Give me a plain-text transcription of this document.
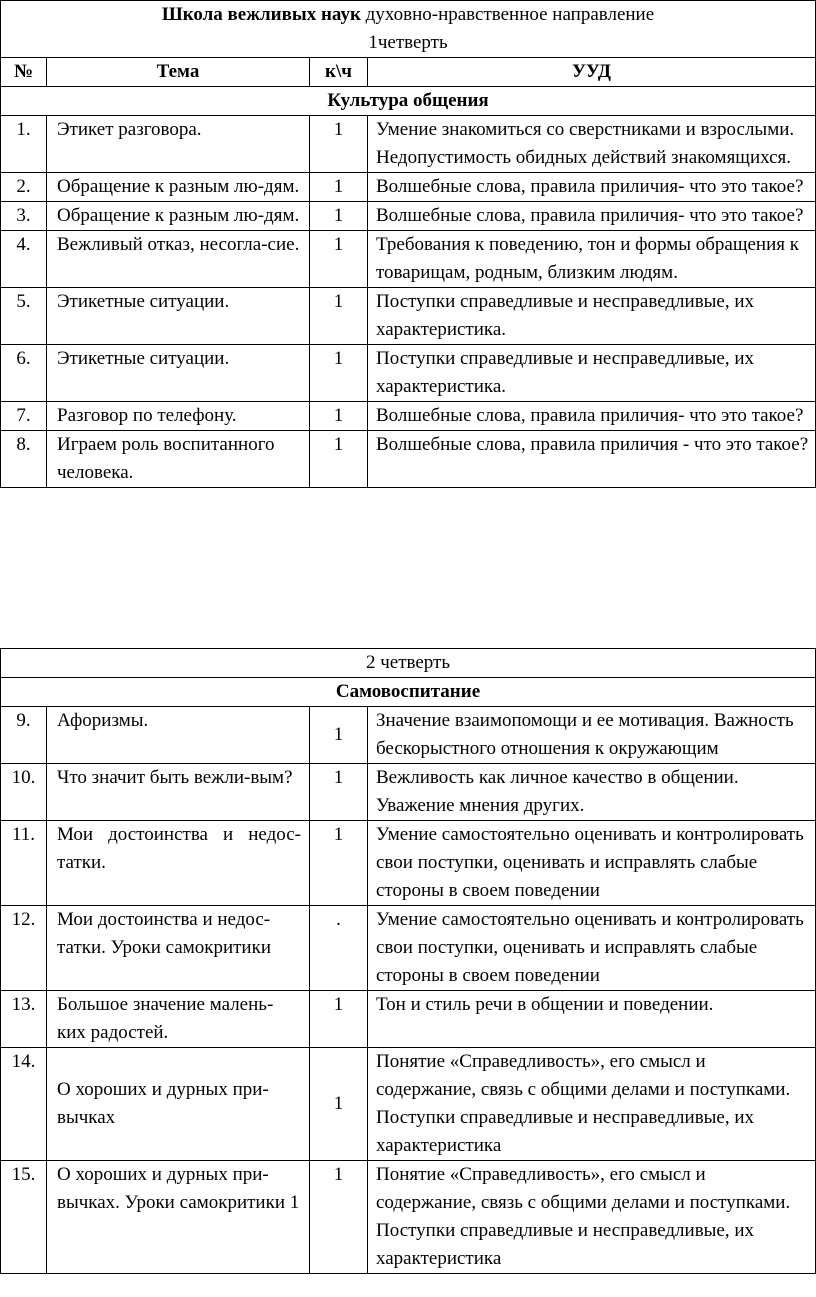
Школа вежливых наук духовно-нравственное направление
1четверть			
№	Тема	к\ч	УУД
Культура общения			
1.	Этикет разговора.	1	Умение знакомиться со сверстниками и взрослыми. Недопустимость обидных действий знакомящихся.
2.	Обращение к разным лю-дям.	1	Волшебные слова, правила приличия- что это такое?
3.	Обращение к разным лю-дям.	1	Волшебные слова, правила приличия- что это такое?
4.	Вежливый отказ, несогла-сие.	1	Требования к поведению, тон и формы обращения к товарищам, родным, близким людям.
5.	Этикетные ситуации.	1	Поступки справедливые и несправедливые, их характеристика.
6.	Этикетные ситуации.	1	Поступки справедливые и несправедливые, их характеристика.
7.	Разговор по телефону.	1	Волшебные слова, правила приличия- что это такое?
8.	Играем роль воспитанного человека.	1	Волшебные слова, правила приличия - что это такое?
2 четверть			
Самовоспитание			
9.	Афоризмы.	1	Значение взаимопомощи и ее мотивация. Важность бескорыстного отношения к окружающим
10.	Что значит быть вежли-вым?	1	Вежливость как личное качество в общении. Уважение мнения других.
11.	Мои достоинства и недос-татки.	1	Умение самостоятельно оценивать и контролировать свои поступки, оценивать и исправлять слабые стороны в своем поведении
12.	Мои достоинства и недос-татки. Уроки самокритики	.	Умение самостоятельно оценивать и контролировать свои поступки, оценивать и исправлять слабые стороны в своем поведении
13.	Большое значение малень-ких радостей.	1	Тон и стиль речи в общении и поведении.
14.	О хороших и дурных при-вычках	1	Понятие «Справедливость», его смысл и содержание, связь с общими делами и поступками. Поступки справедливые и несправедливые, их характеристика
15.	О хороших и дурных при-вычках. Уроки самокритики 1	1	Понятие «Справедливость», его смысл и содержание, связь с общими делами и поступками. Поступки справедливые и несправедливые, их характеристика
